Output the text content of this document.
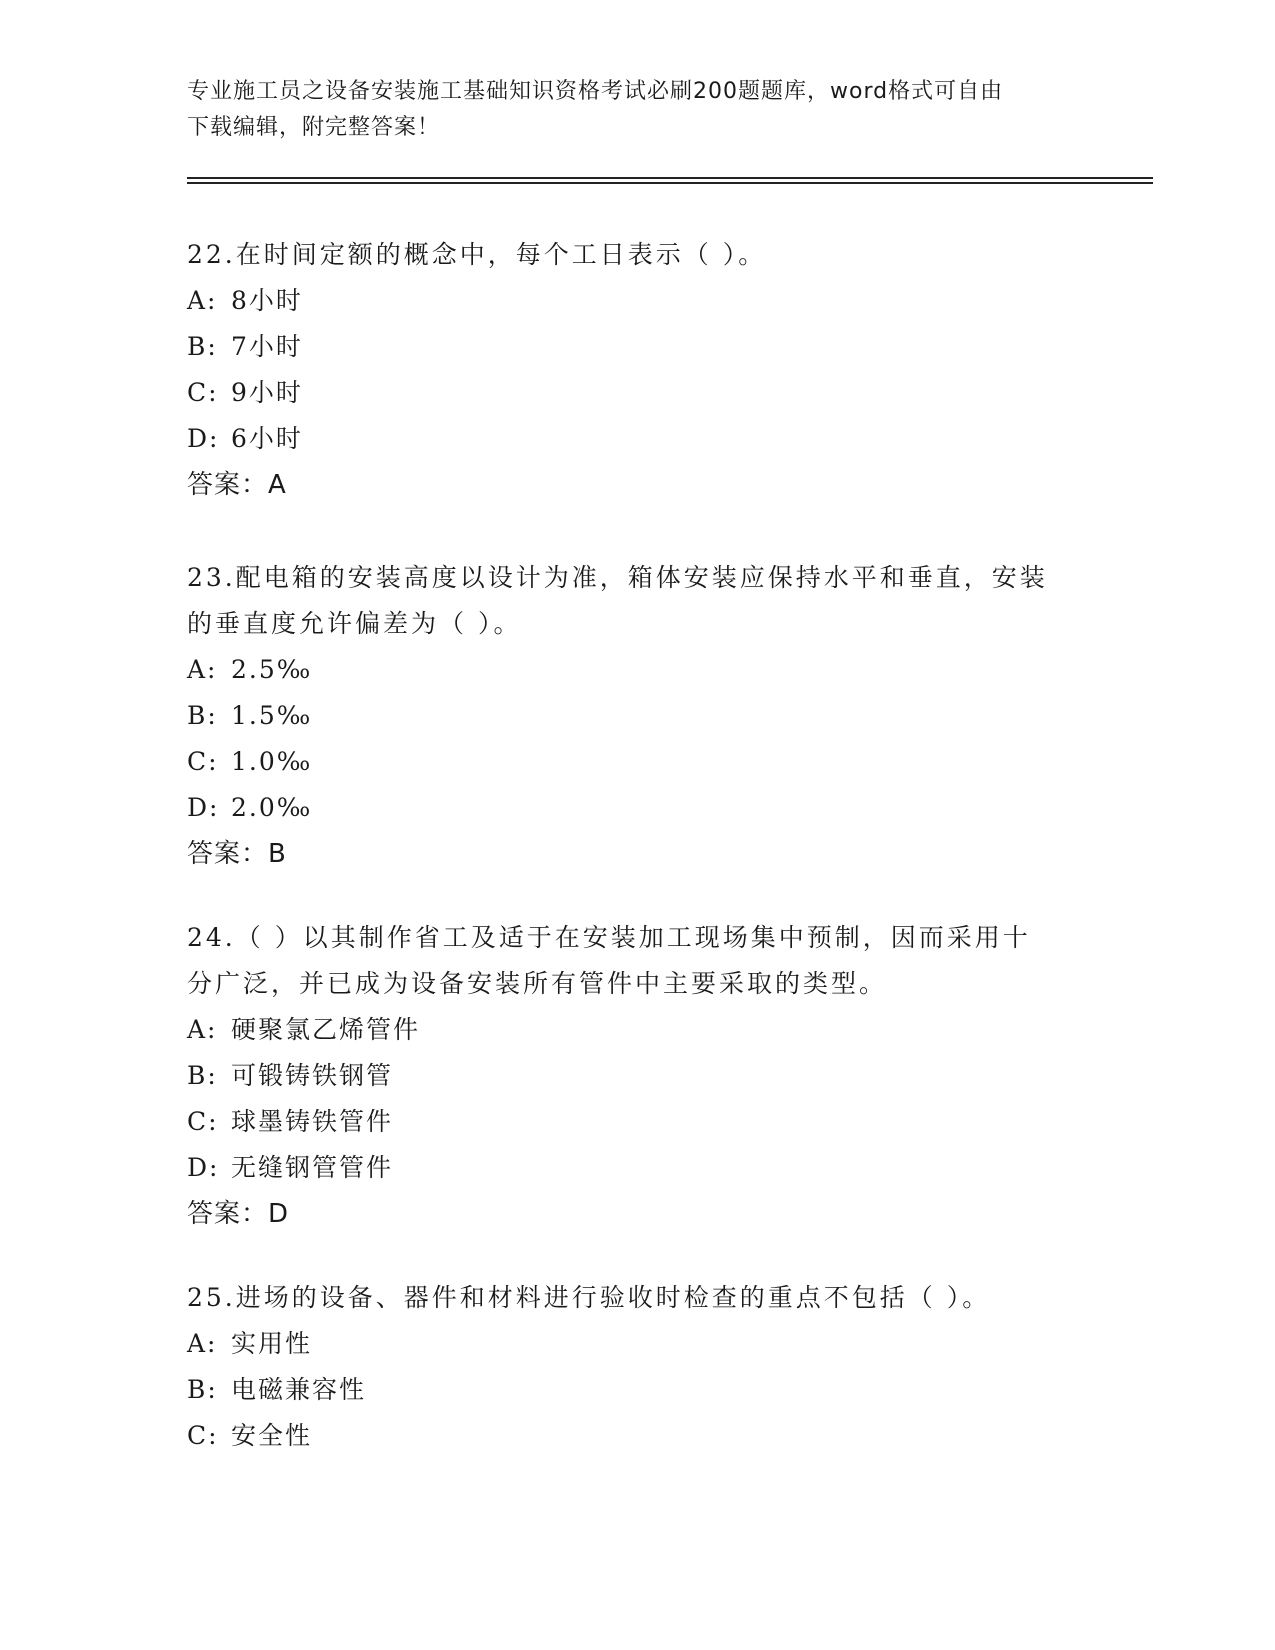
专业施工员之设备安装施工基础知识资格考试必刷200题题库，word格式可自由
下载编辑，附完整答案！
22.在时间定额的概念中，每个工日表示（ ）。
A: 8小时
B: 7小时
C: 9小时
D: 6小时
答案：A
23.配电箱的安装高度以设计为准，箱体安装应保持水平和垂直，安装
的垂直度允许偏差为（ ）。
A: 2.5‰
B: 1.5‰
C: 1.0‰
D: 2.0‰
答案：B
24.（ ）以其制作省工及适于在安装加工现场集中预制，因而采用十
分广泛，并已成为设备安装所有管件中主要采取的类型。
A: 硬聚氯乙烯管件
B: 可锻铸铁钢管
C: 球墨铸铁管件
D: 无缝钢管管件
答案：D
25.进场的设备、器件和材料进行验收时检查的重点不包括（ ）。
A: 实用性
B: 电磁兼容性
C: 安全性
